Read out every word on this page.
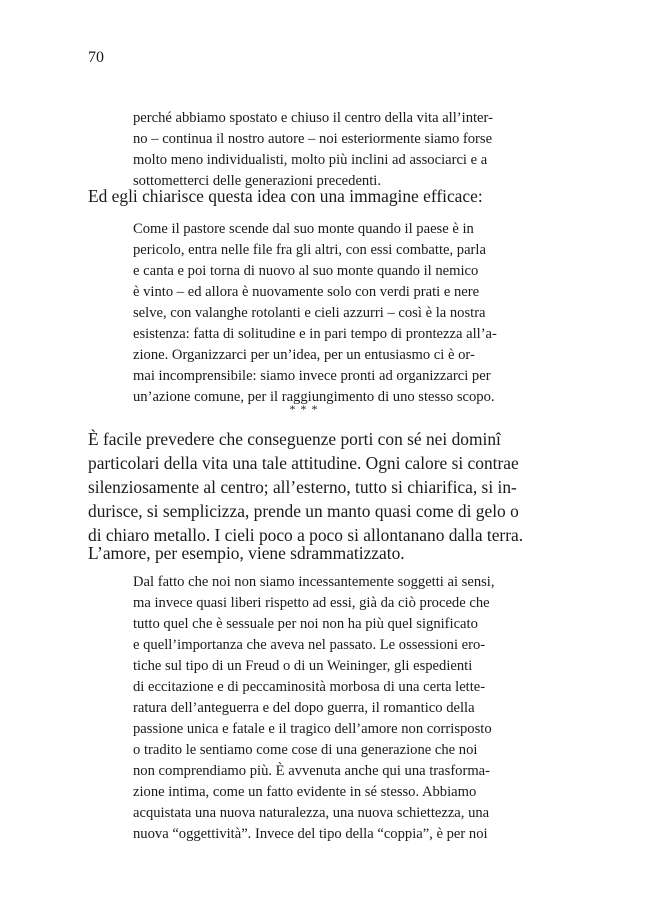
70
perché abbiamo spostato e chiuso il centro della vita all’inter-
no – continua il nostro autore – noi esteriormente siamo forse
molto meno individualisti, molto più inclini ad associarci e a
sottometterci delle generazioni precedenti.
Ed egli chiarisce questa idea con una immagine efficace:
Come il pastore scende dal suo monte quando il paese è in
pericolo, entra nelle file fra gli altri, con essi combatte, parla
e canta e poi torna di nuovo al suo monte quando il nemico
è vinto – ed allora è nuovamente solo con verdi prati e nere
selve, con valanghe rotolanti e cieli azzurri – così è la nostra
esistenza: fatta di solitudine e in pari tempo di prontezza all’a-
zione. Organizzarci per un’idea, per un entusiasmo ci è or-
mai incomprensibile: siamo invece pronti ad organizzarci per
un’azione comune, per il raggiungimento di uno stesso scopo.
* * *
È facile prevedere che conseguenze porti con sé nei dominî
particolari della vita una tale attitudine. Ogni calore si contrae
silenziosamente al centro; all’esterno, tutto si chiarifica, si in-
durisce, si semplicizza, prende un manto quasi come di gelo o
di chiaro metallo. I cieli poco a poco si allontanano dalla terra.
L’amore, per esempio, viene sdrammatizzato.
Dal fatto che noi non siamo incessantemente soggetti ai sensi,
ma invece quasi liberi rispetto ad essi, già da ciò procede che
tutto quel che è sessuale per noi non ha più quel significato
e quell’importanza che aveva nel passato. Le ossessioni ero-
tiche sul tipo di un Freud o di un Weininger, gli espedienti
di eccitazione e di peccaminosità morbosa di una certa lette-
ratura dell’anteguerra e del dopo guerra, il romantico della
passione unica e fatale e il tragico dell’amore non corrisposto
o tradito le sentiamo come cose di una generazione che noi
non comprendiamo più. È avvenuta anche qui una trasforma-
zione intima, come un fatto evidente in sé stesso. Abbiamo
acquistata una nuova naturalezza, una nuova schiettezza, una
nuova “oggettività”. Invece del tipo della “coppia”, è per noi
